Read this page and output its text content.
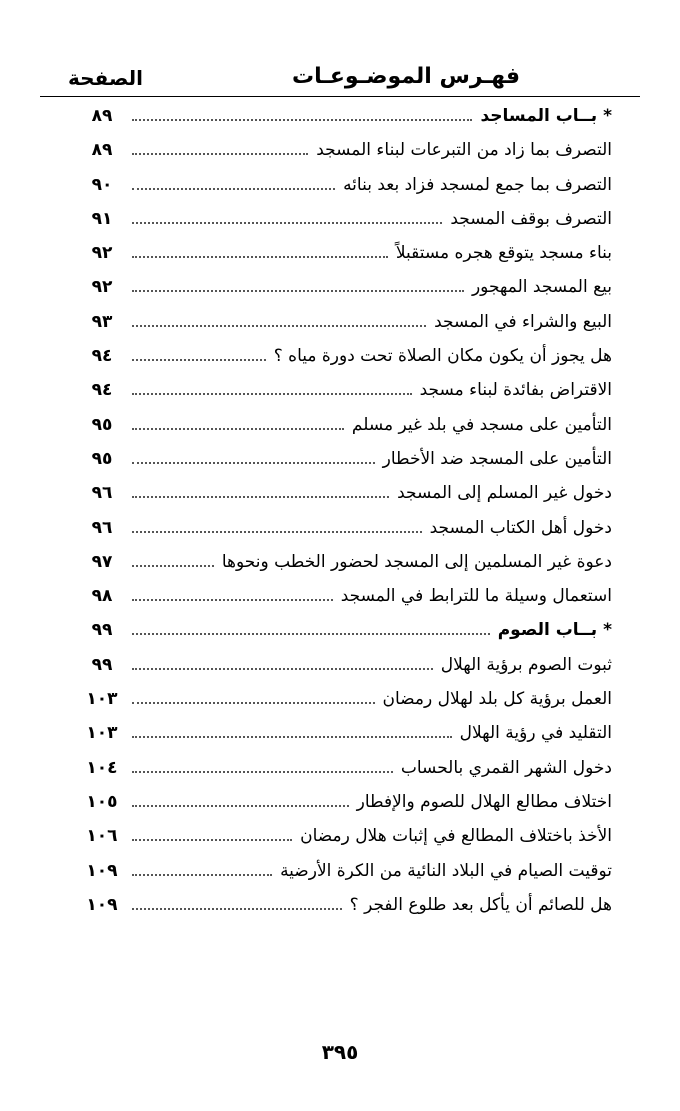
فهـرس الموضـوعـات
الصفحة
* بــاب المساجد
٨٩
التصرف بما زاد من التبرعات لبناء المسجد
٨٩
التصرف بما جمع لمسجد فزاد بعد بنائه
٩٠
التصرف بوقف المسجد
٩١
بناء مسجد يتوقع هجره مستقبلاً
٩٢
بيع المسجد المهجور
٩٢
البيع والشراء في المسجد
٩٣
هل يجوز أن يكون مكان الصلاة تحت دورة مياه ؟
٩٤
الاقتراض بفائدة لبناء مسجد
٩٤
التأمين على مسجد في بلد غير مسلم
٩٥
التأمين على المسجد ضد الأخطار
٩٥
دخول غير المسلم إلى المسجد
٩٦
دخول أهل الكتاب المسجد
٩٦
دعوة غير المسلمين إلى المسجد لحضور الخطب ونحوها
٩٧
استعمال وسيلة ما للترابط في المسجد
٩٨
* بــاب الصوم
٩٩
ثبوت الصوم برؤية الهلال
٩٩
العمل برؤية كل بلد لهلال رمضان
١٠٣
التقليد في رؤية الهلال
١٠٣
دخول الشهر القمري بالحساب
١٠٤
اختلاف مطالع الهلال للصوم والإفطار
١٠٥
الأخذ باختلاف المطالع في إثبات هلال رمضان
١٠٦
توقيت الصيام في البلاد النائية من الكرة الأرضية
١٠٩
هل للصائم أن يأكل بعد طلوع الفجر ؟
١٠٩
٣٩٥
